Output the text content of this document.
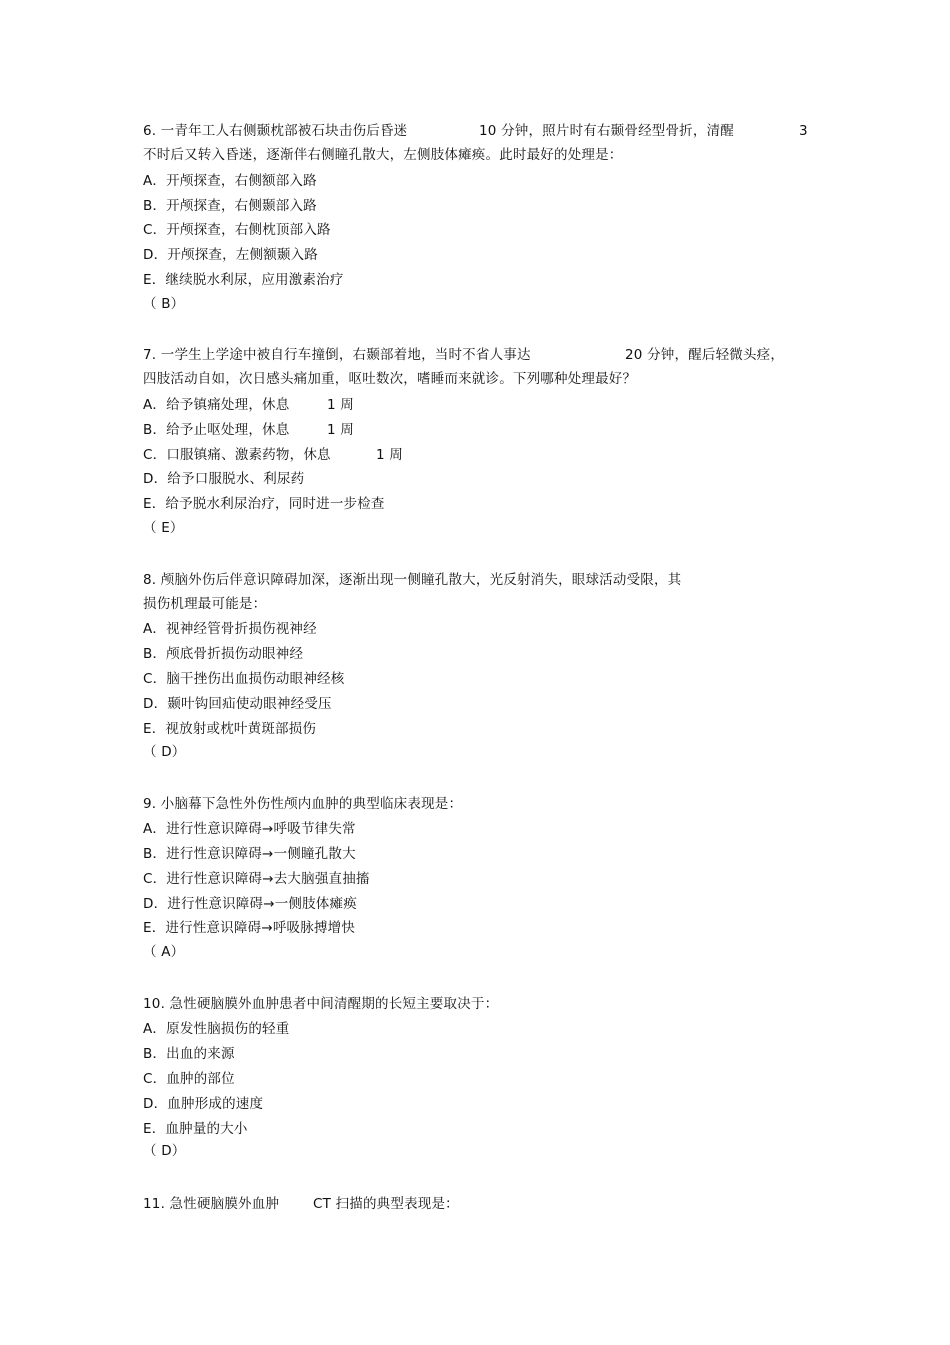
6. 一青年工人右侧颞枕部被石块击伤后昏迷	10 分钟，照片时有右颞骨经型骨折，清醒	3
不时后又转入昏迷，逐渐伴右侧瞳孔散大，左侧肢体瘫痪。此时最好的处理是：
A．开颅探查，右侧额部入路
B．开颅探查，右侧颞部入路
C．开颅探查，右侧枕顶部入路
D．开颅探查，左侧额颞入路
E．继续脱水利尿，应用激素治疗
（ B）
7. 一学生上学途中被自行车撞倒，右颞部着地，当时不省人事达	20 分钟，醒后轻微头痉，
四肢活动自如，次日感头痛加重，呕吐数次，嗜睡而来就诊。下列哪种处理最好？
A．给予镇痛处理，休息	1 周
B．给予止呕处理，休息	1 周
C．口服镇痛、激素药物，休息	1 周
D．给予口服脱水、利尿药
E．给予脱水利尿治疗，同时进一步检查
（ E）
8. 颅脑外伤后伴意识障碍加深，逐渐出现一侧瞳孔散大，光反射消失，眼球活动受限，其
损伤机理最可能是：
A．视神经管骨折损伤视神经
B．颅底骨折损伤动眼神经
C．脑干挫伤出血损伤动眼神经核
D．颞叶钩回疝使动眼神经受压
E．视放射或枕叶黄斑部损伤
（ D）
9. 小脑幕下急性外伤性颅内血肿的典型临床表现是：
A．进行性意识障碍→呼吸节律失常
B．进行性意识障碍→一侧瞳孔散大
C．进行性意识障碍→去大脑强直抽搐
D．进行性意识障碍→一侧肢体瘫痪
E．进行性意识障碍→呼吸脉搏增快
（ A）
10. 急性硬脑膜外血肿患者中间清醒期的长短主要取决于：
A．原发性脑损伤的轻重
B．出血的来源
C．血肿的部位
D．血肿形成的速度
E．血肿量的大小
（ D）
11. 急性硬脑膜外血肿	CT 扫描的典型表现是：
